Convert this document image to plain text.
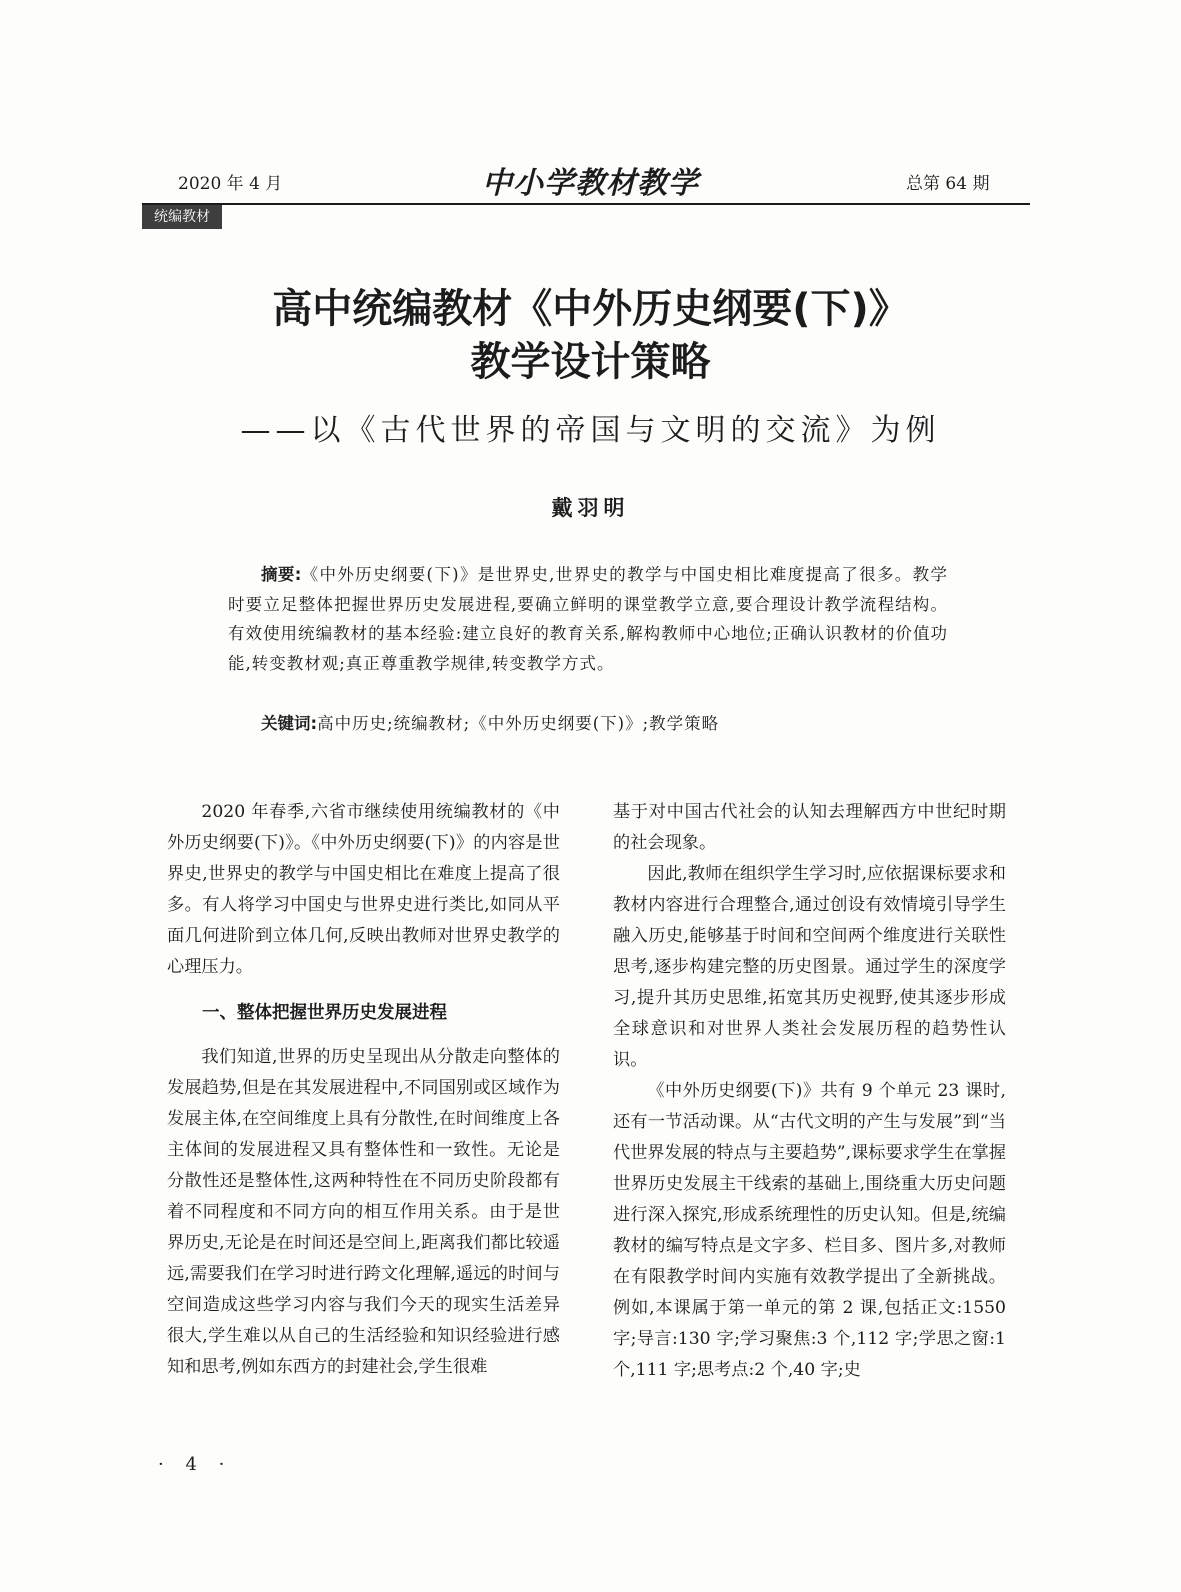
2020 年 4 月	中小学教材教学	总第 64 期
统编教材
高中统编教材《中外历史纲要(下)》
教学设计策略
——以《古代世界的帝国与文明的交流》为例
戴羽明
摘要:《中外历史纲要(下)》是世界史,世界史的教学与中国史相比难度提高了很多。教学时要立足整体把握世界历史发展进程,要确立鲜明的课堂教学立意,要合理设计教学流程结构。有效使用统编教材的基本经验:建立良好的教育关系,解构教师中心地位;正确认识教材的价值功能,转变教材观;真正尊重教学规律,转变教学方式。
关键词:高中历史;统编教材;《中外历史纲要(下)》;教学策略

2020 年春季,六省市继续使用统编教材的《中外历史纲要(下)》。《中外历史纲要(下)》的内容是世界史,世界史的教学与中国史相比在难度上提高了很多。有人将学习中国史与世界史进行类比,如同从平面几何进阶到立体几何,反映出教师对世界史教学的心理压力。

一、整体把握世界历史发展进程

我们知道,世界的历史呈现出从分散走向整体的发展趋势,但是在其发展进程中,不同国别或区域作为发展主体,在空间维度上具有分散性,在时间维度上各主体间的发展进程又具有整体性和一致性。无论是分散性还是整体性,这两种特性在不同历史阶段都有着不同程度和不同方向的相互作用关系。由于是世界历史,无论是在时间还是空间上,距离我们都比较遥远,需要我们在学习时进行跨文化理解,遥远的时间与空间造成这些学习内容与我们今天的现实生活差异很大,学生难以从自己的生活经验和知识经验进行感知和思考,例如东西方的封建社会,学生很难

基于对中国古代社会的认知去理解西方中世纪时期的社会现象。

因此,教师在组织学生学习时,应依据课标要求和教材内容进行合理整合,通过创设有效情境引导学生融入历史,能够基于时间和空间两个维度进行关联性思考,逐步构建完整的历史图景。通过学生的深度学习,提升其历史思维,拓宽其历史视野,使其逐步形成全球意识和对世界人类社会发展历程的趋势性认识。

《中外历史纲要(下)》共有 9 个单元 23 课时,还有一节活动课。从“古代文明的产生与发展”到“当代世界发展的特点与主要趋势”,课标要求学生在掌握世界历史发展主干线索的基础上,围绕重大历史问题进行深入探究,形成系统理性的历史认知。但是,统编教材的编写特点是文字多、栏目多、图片多,对教师在有限教学时间内实施有效教学提出了全新挑战。例如,本课属于第一单元的第 2 课,包括正文:1550 字;导言:130 字;学习聚焦:3 个,112 字;学思之窗:1 个,111 字;思考点:2 个,40 字;史

· 4 ·
